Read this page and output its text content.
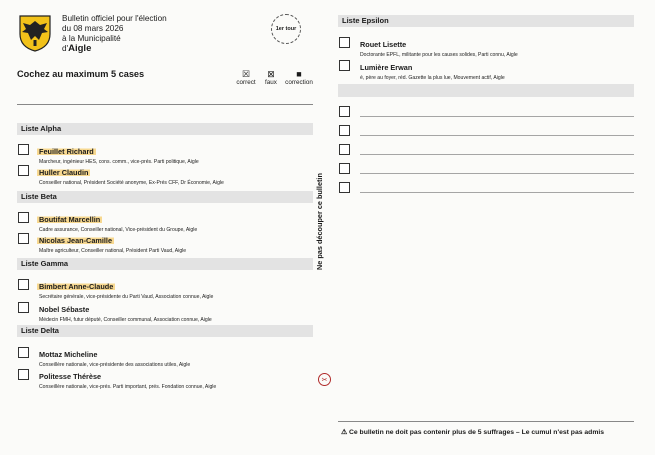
Bulletin officiel pour l'élection
du 08 mars 2026
à la Municipalité
d'Aigle
1er tour
Cochez au maximum 5 cases	☒
correct
⊠
faux
■
correction
Liste Alpha
Feuillet Richard
Marcheur, ingénieur HES, cons. comm., vice-prés. Parti politique, Aigle
Huller Claudin
Conseiller national, Président Société anonyme, Ex-Prés CFF, Dr Économie, Aigle
Liste Beta
Boutifat Marcellin
Cadre assurance, Conseiller national, Vice-président du Groupe, Aigle
Nicolas Jean-Camille
Maître agriculteur, Conseiller national, Président Parti Vaud, Aigle
Liste Gamma
Bimbert Anne-Claude
Secrétaire générale, vice-présidente du Parti Vaud, Association connue, Aigle
Nobel Sébaste
Médecin FMH, futur député, Conseiller communal, Association connue, Aigle
Liste Delta
Mottaz Micheline
Conseillère nationale, vice-présidente des associations utiles, Aigle
Politesse Thérèse
Conseillère nationale, vice-prés. Parti important, prés. Fondation connue, Aigle
Ne pas découper ce bulletin
✂
Liste Epsilon
Rouet Lisette
Doctorante EPFL, militante pour les causes solides, Parti connu, Aigle
Lumière Erwan
é, père au foyer, réd. Gazette la plus lue, Mouvement actif, Aigle
⚠ Ce bulletin ne doit pas contenir plus de 5 suffrages – Le cumul n'est pas admis
